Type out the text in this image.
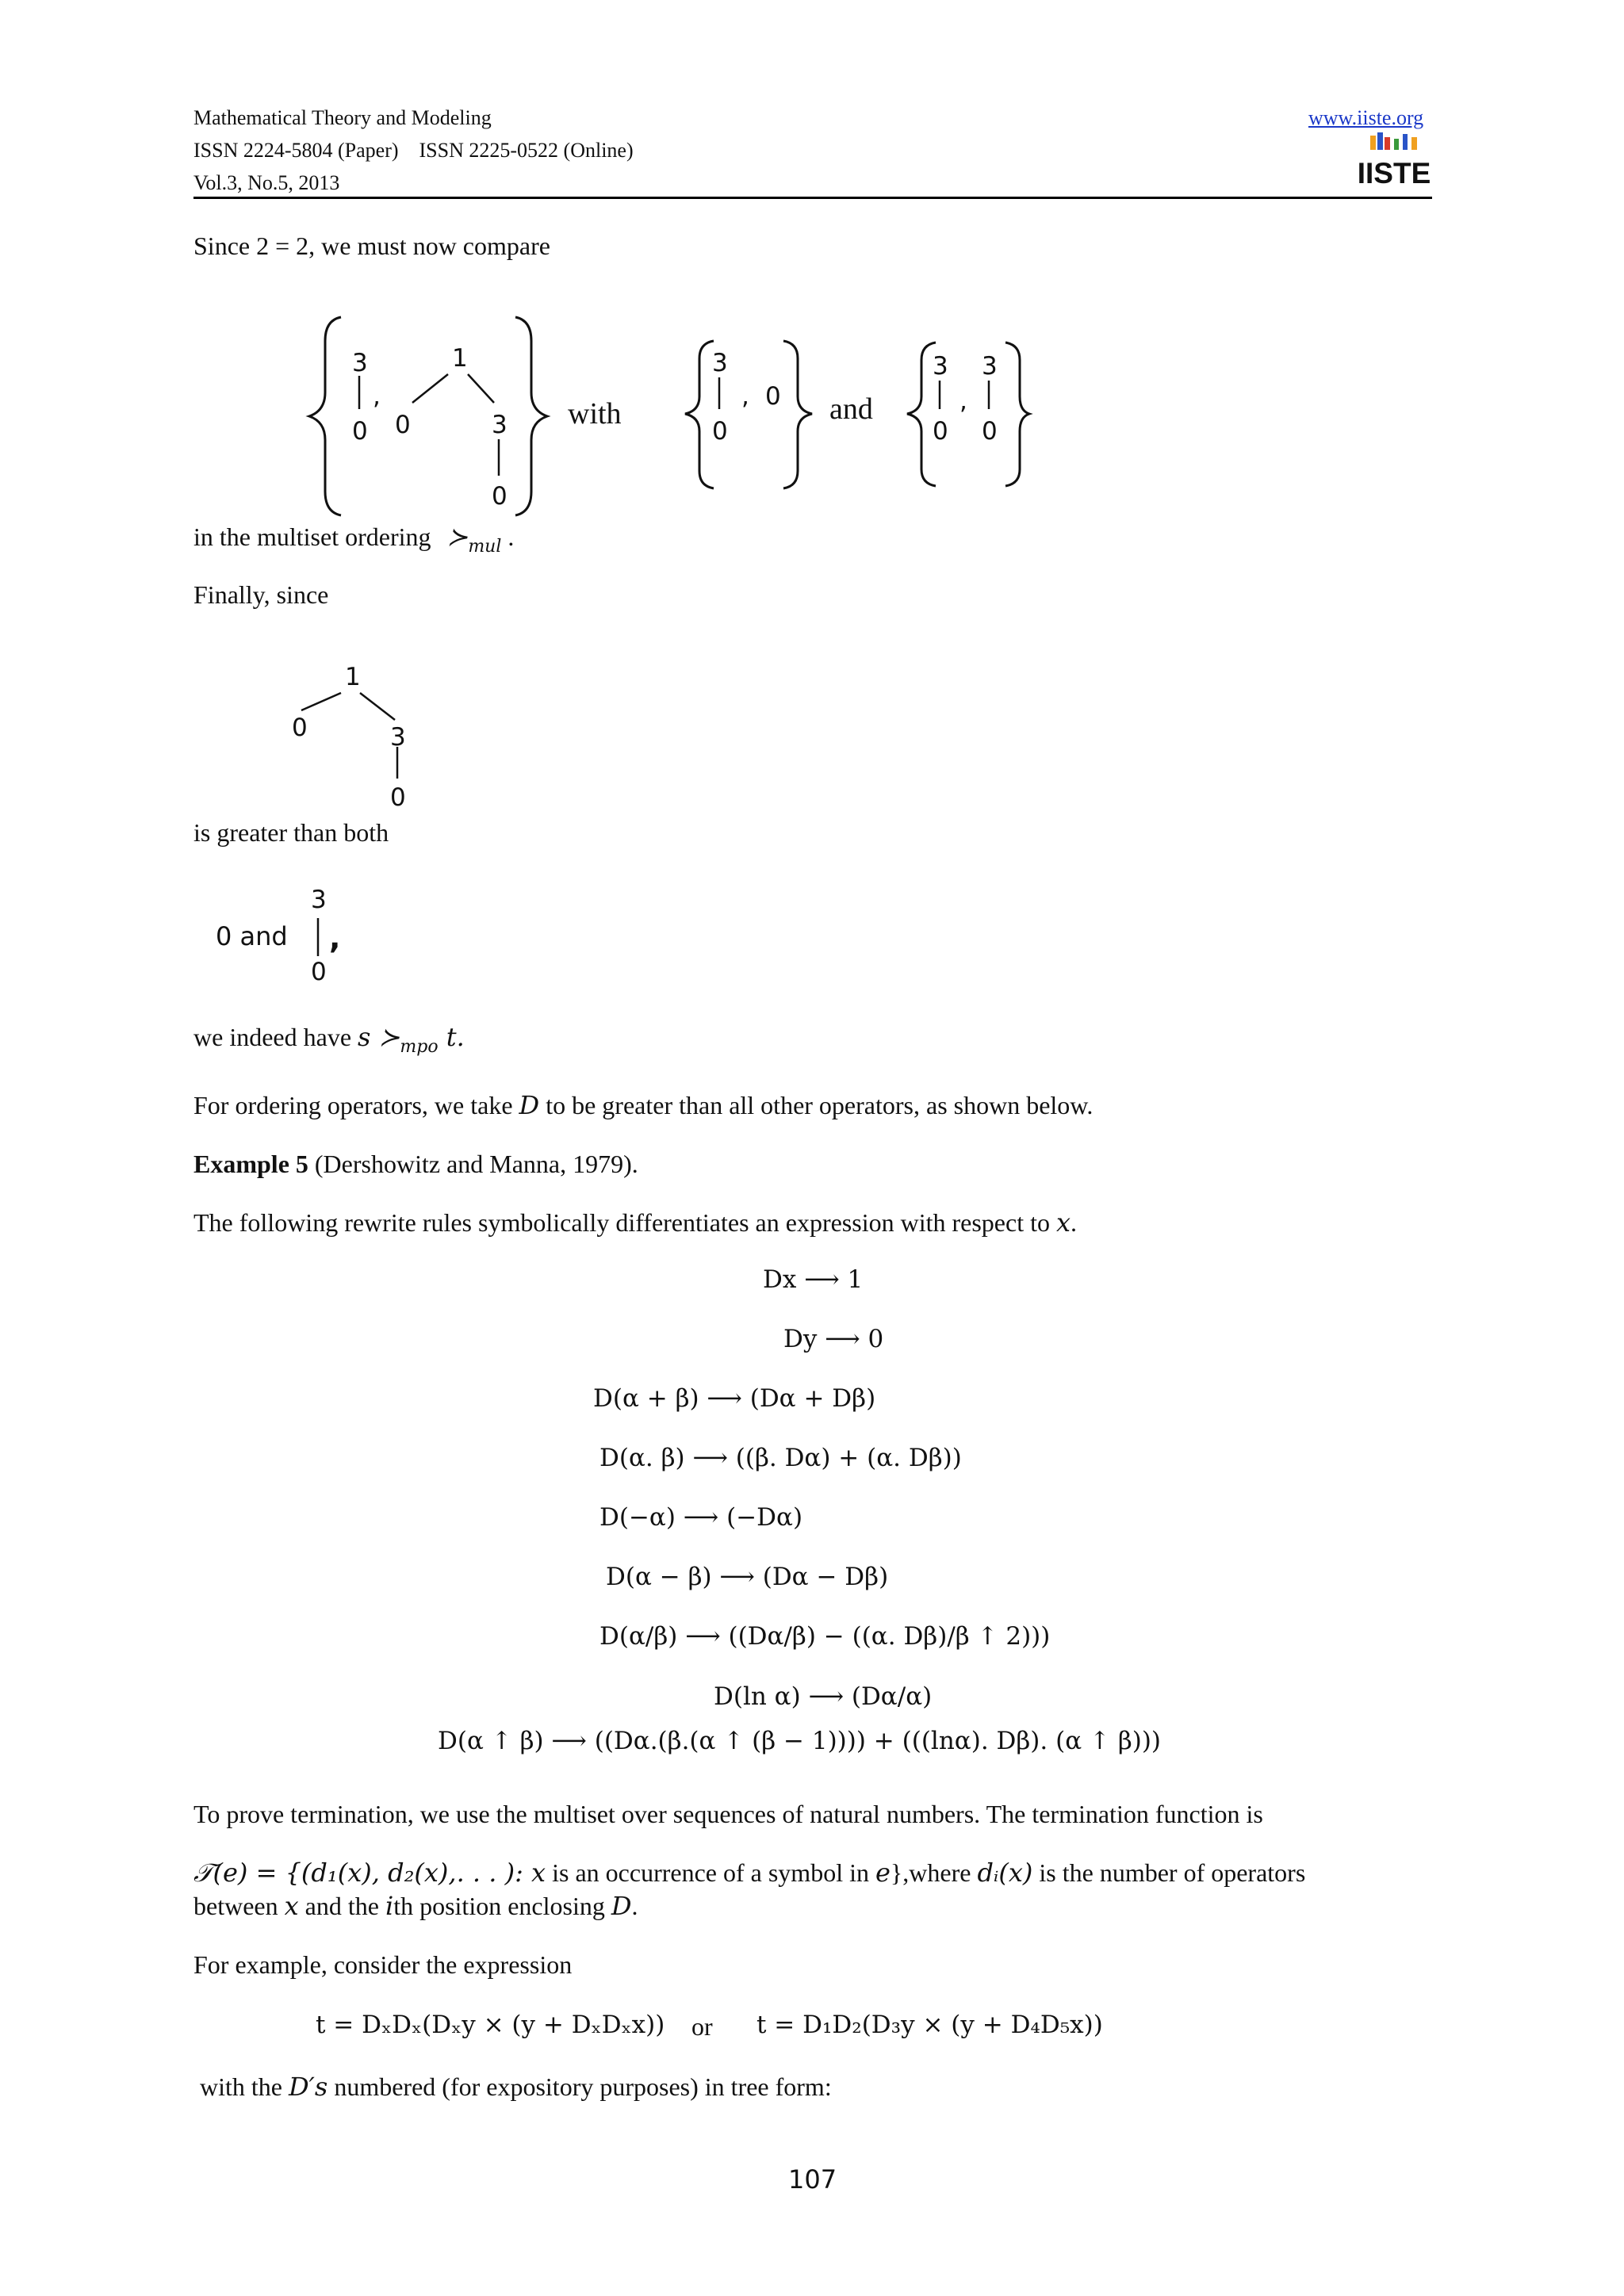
Mathematical Theory and Modeling
ISSN 2224-5804 (Paper)    ISSN 2225-0522 (Online)
Vol.3, No.5, 2013
www.iiste.org
IISTE
Since 2 = 2, we must now compare
3
0
,
1
0	3
0
with
3
0
, 0 and
3
0
,
3
0
in the multiset ordering $≻_{mul}$ .
Finally, since
1
0	3
0
is greater than both
0 and
3
0
,
we indeed have s $≻_{mpo}$ t.
For ordering operators, we take D to be greater than all other operators, as shown below.
Example 5 (Dershowitz and Manna, 1979).
The following rewrite rules symbolically differentiates an expression with respect to x.
Dx ⟶ 1
Dy ⟶ 0
D(α + β) ⟶ (Dα + Dβ)
D(α. β) ⟶ ((β. Dα) + (α. Dβ))
D(−α) ⟶ (−Dα)
D(α − β) ⟶ (Dα − Dβ)
D(α/β) ⟶ ((Dα/β) − ((α. Dβ)/β ↑ 2)))
D(ln α) ⟶ (Dα/α)
D(α ↑ β) ⟶ ((Dα.(β.(α ↑ (β − 1)))) + (((lnα). Dβ). (α ↑ β)))
To prove termination, we use the multiset over sequences of natural numbers. The termination function is
𝒯(e) = {(d₁(x), d₂(x),. . . ): x is an occurrence of a symbol in e},where dᵢ(x) is the number of operators
between x and the ith position enclosing D.
For example, consider the expression
t = DₓDₓ(Dₓy × (y + DₓDₓx)) or t = D₁D₂(D₃y × (y + D₄D₅x))
with the D′s numbered (for expository purposes) in tree form:
107
